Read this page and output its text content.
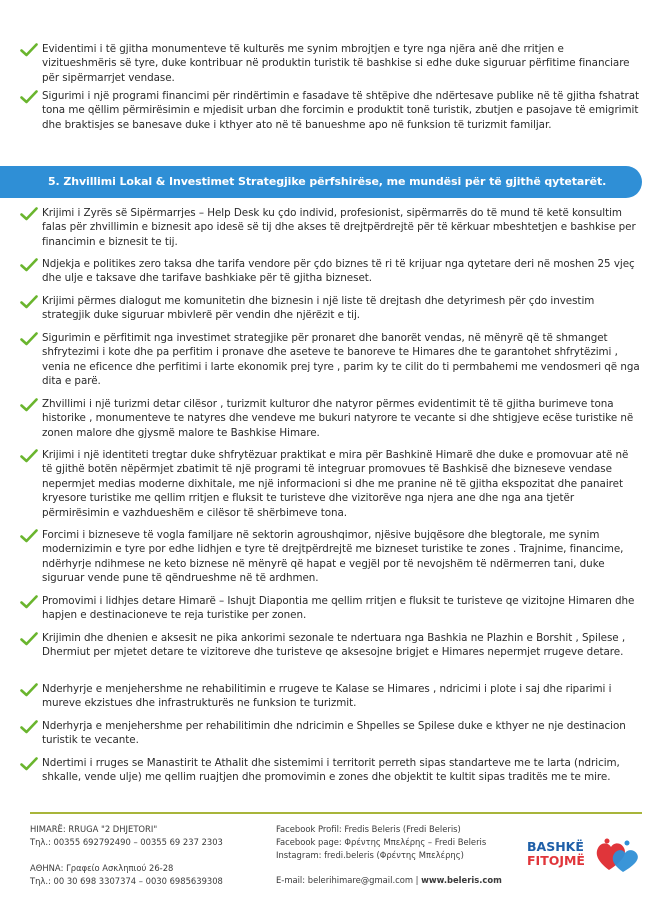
Evidentimi i të gjitha monumenteve të kulturës me synim mbrojtjen e tyre nga njëra anë dhe rritjen e vizitueshmëris së tyre, duke kontribuar në produktin turistik të bashkise si edhe duke siguruar përfitime financiare për sipërmarrjet vendase.
Sigurimi i një programi financimi për rindërtimin e fasadave të shtëpive dhe ndërtesave publike në të gjitha fshatrat tona me qëllim përmirësimin e mjedisit urban dhe forcimin e produktit tonë turistik, zbutjen e pasojave të emigrimit dhe braktisjes se banesave duke i kthyer ato në të banueshme apo në funksion të turizmit familjar.
5. Zhvillimi Lokal & Investimet Strategjike përfshirëse, me mundësi për të gjithë qytetarët.
Krijimi i Zyrës së Sipërmarrjes – Help Desk ku çdo individ, profesionist, sipërmarrës do të mund të ketë konsultim falas për zhvillimin e biznesit apo idesë së tij dhe akses të drejtpërdrejtë për të kërkuar mbeshtetjen e bashkise per financimin e biznesit te tij.
Ndjekja e politikes zero taksa dhe tarifa vendore për çdo biznes të ri të krijuar nga qytetare deri në moshen 25 vjeç dhe ulje e taksave dhe tarifave bashkiake për të gjitha bizneset.
Krijimi përmes dialogut me komunitetin dhe biznesin i një liste të drejtash dhe detyrimesh për çdo investim strategjik duke siguruar mbivlerë për vendin dhe njërëzit e tij.
Sigurimin e përfitimit nga investimet strategjike për pronaret dhe banorët vendas, në mënyrë që të shmanget shfrytezimi i kote dhe pa perfitim i pronave dhe aseteve te banoreve te Himares dhe te garantohet shfrytëzimi , venia ne eficence dhe perfitimi i larte ekonomik prej tyre , parim ky te cilit do ti permbahemi me vendosmeri që nga dita e parë.
Zhvillimi i një turizmi detar cilësor , turizmit kulturor dhe natyror përmes evidentimit të të gjitha burimeve tona historike , monumenteve te natyres dhe vendeve me bukuri natyrore te vecante si dhe shtigjeve ecëse turistike në zonen malore dhe gjysmë malore te Bashkise Himare.
Krijimi i një identiteti tregtar duke shfrytëzuar praktikat e mira për Bashkinë Himarë dhe duke e promovuar atë në të gjithë botën nëpërmjet zbatimit të një programi të integruar promovues të Bashkisë dhe bizneseve vendase nepermjet medias moderne dixhitale, me një informacioni si dhe me pranine në të gjitha ekspozitat dhe panairet kryesore turistike me qellim rritjen e fluksit te turisteve dhe vizitorëve nga njera ane dhe nga ana tjetër përmirësimin e vazhdueshëm e cilësor të shërbimeve tona.
Forcimi i bizneseve të vogla familjare në sektorin agroushqimor, njësive bujqësore dhe blegtorale, me synim modernizimin e tyre por edhe lidhjen e tyre të drejtpërdrejtë me bizneset turistike te zones . Trajnime, financime, ndërhyrje ndihmese ne keto biznese në mënyrë që hapat e vegjël por të nevojshëm të ndërmerren tani, duke siguruar vende pune të qëndrueshme në të ardhmen.
Promovimi i lidhjes detare Himarë – Ishujt Diapontia me qellim rritjen e fluksit te turisteve qe vizitojne Himaren dhe hapjen e destinacioneve te reja turistike per zonen.
Krijimin dhe dhenien e aksesit ne pika ankorimi sezonale te ndertuara nga Bashkia ne Plazhin e Borshit , Spilese , Dhermiut per mjetet detare te vizitoreve dhe turisteve qe aksesojne brigjet e Himares nepermjet rrugeve detare.
Nderhyrje e menjehershme ne rehabilitimin e rrugeve te Kalase se Himares , ndricimi i plote i saj dhe riparimi i mureve ekzistues dhe infrastrukturës ne funksion te turizmit.
Nderhyrja e menjehershme per rehabilitimin dhe ndricimin e Shpelles se Spilese duke e kthyer ne nje destinacion turistik te vecante.
Ndertimi i rruges se Manastirit te Athalit dhe sistemimi i territorit perreth sipas standarteve me te larta (ndricim, shkalle, vende ulje) me qellim ruajtjen dhe promovimin e zones dhe objektit te kultit sipas traditës me te mire.
HIMARË: RRUGA "2 DHJETORI"
Τηλ.: 00355 692792490 – 00355 69 237 2303
ΑΘΗΝΑ: Γραφείο Ασκληπιού 26-28
Τηλ.: 00 30 698 3307374 – 0030 6985639308
Facebook Profil: Fredis Beleris (Fredi Beleris)
Facebook page: Φρέντης Μπελέρης – Fredi Beleris
Instagram: fredi.beleris (Φρέντης Μπελέρης)
E-mail: belerihimare@gmail.com | www.beleris.com
BASHKË
FITOJMË
